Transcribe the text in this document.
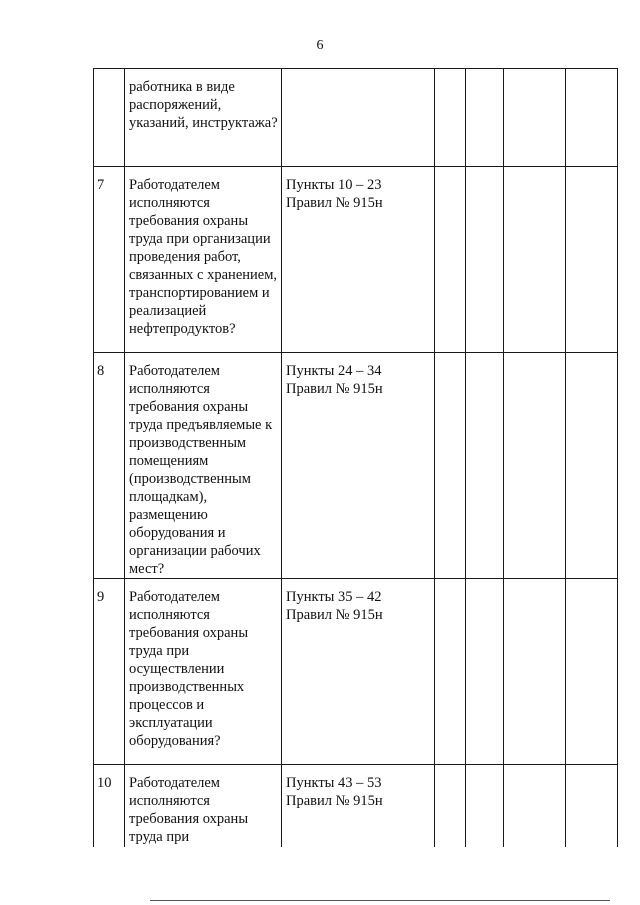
6

	работника в виде распоряжений, указаний, инструктажа?					

7	Работодателем исполняются требования охраны труда при организации проведения работ, связанных с хранением, транспортированием и реализацией нефтепродуктов?	Пункты 10 – 23
Правил № 915н				

8	Работодателем исполняются требования охраны труда предъявляемые к производственным помещениям (производственным площадкам), размещению оборудования и организации рабочих мест?	Пункты 24 – 34
Правил № 915н				

9	Работодателем исполняются требования охраны труда при осуществлении производственных процессов и эксплуатации оборудования?	Пункты 35 – 42
Правил № 915н				

10	Работодателем исполняются требования охраны труда при	Пункты 43 – 53
Правил № 915н				
